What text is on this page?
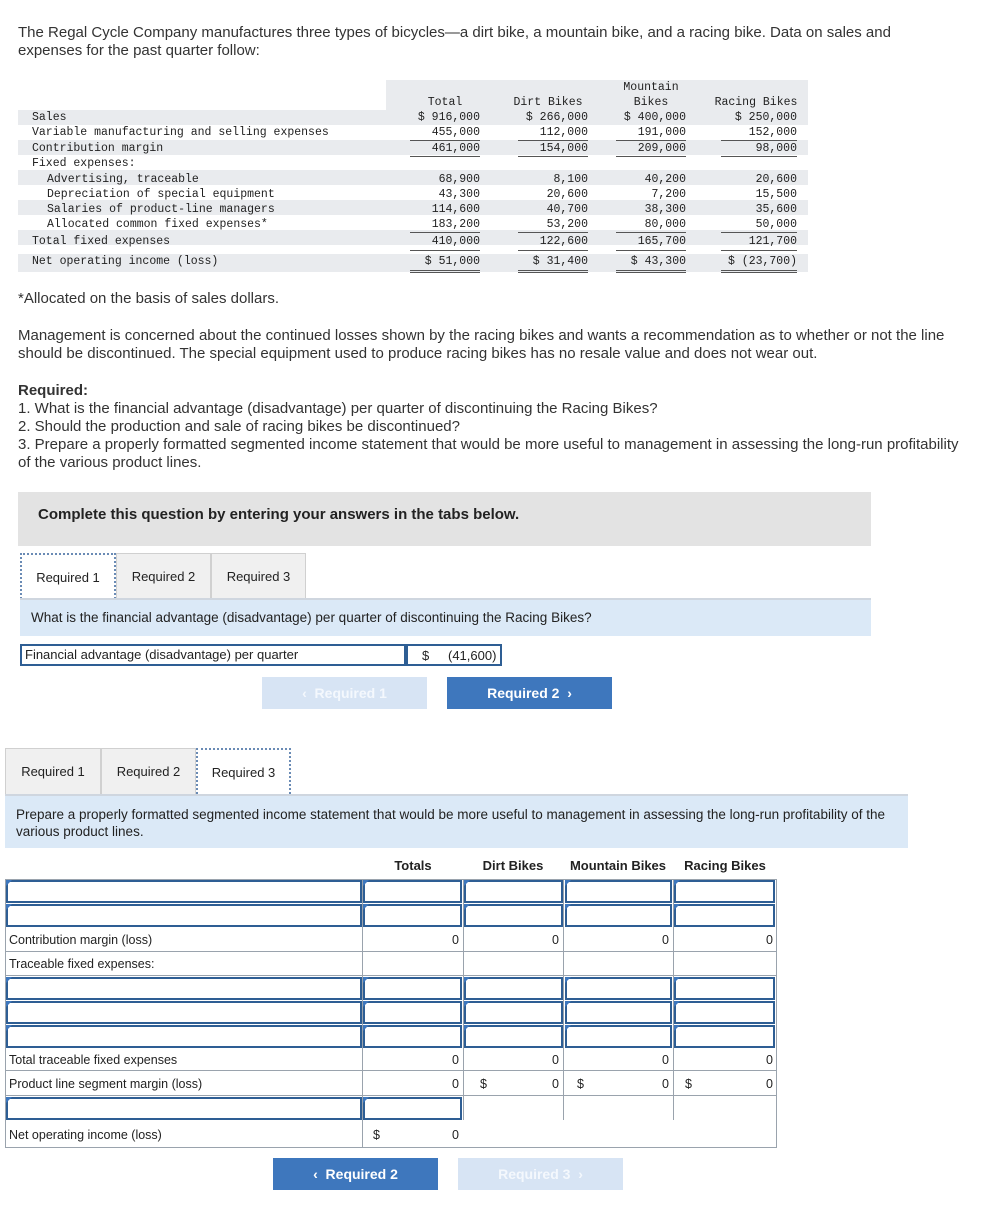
The Regal Cycle Company manufactures three types of bicycles—a dirt bike, a mountain bike, and a racing bike. Data on sales and expenses for the past quarter follow:
Total	Dirt Bikes
Mountain
Bikes	Racing Bikes
Sales	$ 916,000	$ 266,000	$ 400,000	$ 250,000
Variable manufacturing and selling expenses	455,000	112,000	191,000	152,000
Contribution margin	461,000	154,000	209,000	98,000
Fixed expenses:
Advertising, traceable	68,900	8,100	40,200	20,600
Depreciation of special equipment	43,300	20,600	7,200	15,500
Salaries of product-line managers	114,600	40,700	38,300	35,600
Allocated common fixed expenses*	183,200	53,200	80,000	50,000
Total fixed expenses	410,000	122,600	165,700	121,700
Net operating income (loss)	$ 51,000	$ 31,400	$ 43,300	$ (23,700)
*Allocated on the basis of sales dollars.
Management is concerned about the continued losses shown by the racing bikes and wants a recommendation as to whether or not the line should be discontinued. The special equipment used to produce racing bikes has no resale value and does not wear out.
Required:
1. What is the financial advantage (disadvantage) per quarter of discontinuing the Racing Bikes?
2. Should the production and sale of racing bikes be discontinued?
3. Prepare a properly formatted segmented income statement that would be more useful to management in assessing the long-run profitability of the various product lines.
Complete this question by entering your answers in the tabs below.
Required 1	Required 2	Required 3
What is the financial advantage (disadvantage) per quarter of discontinuing the Racing Bikes?
Financial advantage (disadvantage) per quarter	$ (41,600)
‹  Required 1	Required 2  ›
Required 1	Required 2	Required 3
Prepare a properly formatted segmented income statement that would be more useful to management in assessing the long-run profitability of the various product lines.
Totals	Dirt Bikes	Mountain Bikes	Racing Bikes
Contribution margin (loss)	0	0	0	0
Traceable fixed expenses:
Total traceable fixed expenses	0	0	0	0
Product line segment margin (loss)	0 $	0 $	0 $	0
Net operating income (loss)	$	0
‹  Required 2	Required 3  ›
